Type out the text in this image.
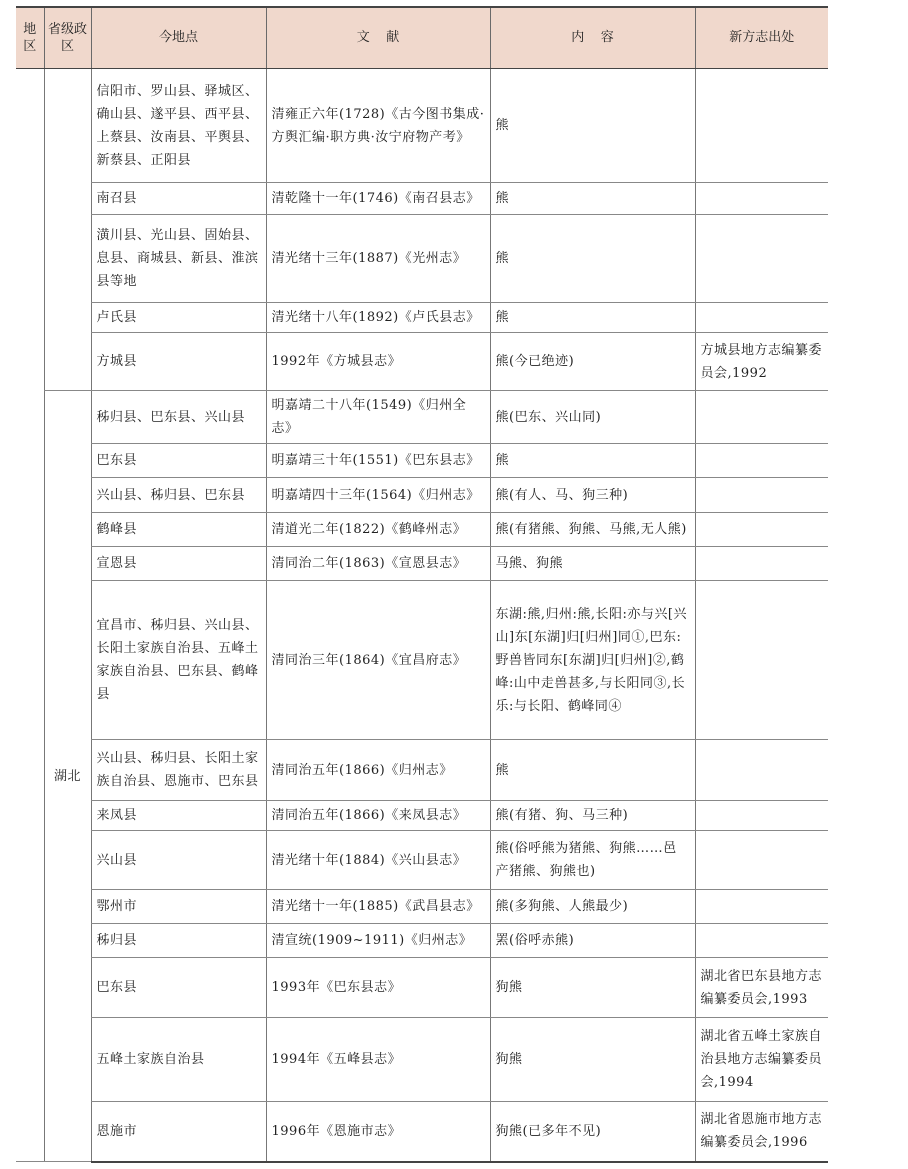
地区	省级政区	今地点	文    献	内    容	新方志出处
		信阳市、罗山县、驿城区、确山县、遂平县、西平县、上蔡县、汝南县、平舆县、新蔡县、正阳县	清雍正六年(1728)《古今图书集成·方舆汇编·职方典·汝宁府物产考》	熊	
		南召县	清乾隆十一年(1746)《南召县志》	熊	
		潢川县、光山县、固始县、息县、商城县、新县、淮滨县等地	清光绪十三年(1887)《光州志》	熊	
		卢氏县	清光绪十八年(1892)《卢氏县志》	熊	
		方城县	1992年《方城县志》	熊(今已绝迹)	方城县地方志编纂委员会,1992
	湖北	秭归县、巴东县、兴山县	明嘉靖二十八年(1549)《归州全志》	熊(巴东、兴山同)	
		巴东县	明嘉靖三十年(1551)《巴东县志》	熊	
		兴山县、秭归县、巴东县	明嘉靖四十三年(1564)《归州志》	熊(有人、马、狗三种)	
		鹤峰县	清道光二年(1822)《鹤峰州志》	熊(有猪熊、狗熊、马熊,无人熊)	
		宣恩县	清同治二年(1863)《宣恩县志》	马熊、狗熊	
		宜昌市、秭归县、兴山县、长阳土家族自治县、五峰土家族自治县、巴东县、鹤峰县	清同治三年(1864)《宜昌府志》	东湖:熊,归州:熊,长阳:亦与兴[兴山]东[东湖]归[归州]同①,巴东:野兽皆同东[东湖]归[归州]②,鹤峰:山中走兽甚多,与长阳同③,长乐:与长阳、鹤峰同④	
		兴山县、秭归县、长阳土家族自治县、恩施市、巴东县	清同治五年(1866)《归州志》	熊	
		来凤县	清同治五年(1866)《来凤县志》	熊(有猪、狗、马三种)	
		兴山县	清光绪十年(1884)《兴山县志》	熊(俗呼熊为猪熊、狗熊……邑产猪熊、狗熊也)	
		鄂州市	清光绪十一年(1885)《武昌县志》	熊(多狗熊、人熊最少)	
		秭归县	清宣统(1909~1911)《归州志》	罴(俗呼赤熊)	
		巴东县	1993年《巴东县志》	狗熊	湖北省巴东县地方志编纂委员会,1993
		五峰土家族自治县	1994年《五峰县志》	狗熊	湖北省五峰土家族自治县地方志编纂委员会,1994
		恩施市	1996年《恩施市志》	狗熊(已多年不见)	湖北省恩施市地方志编纂委员会,1996
